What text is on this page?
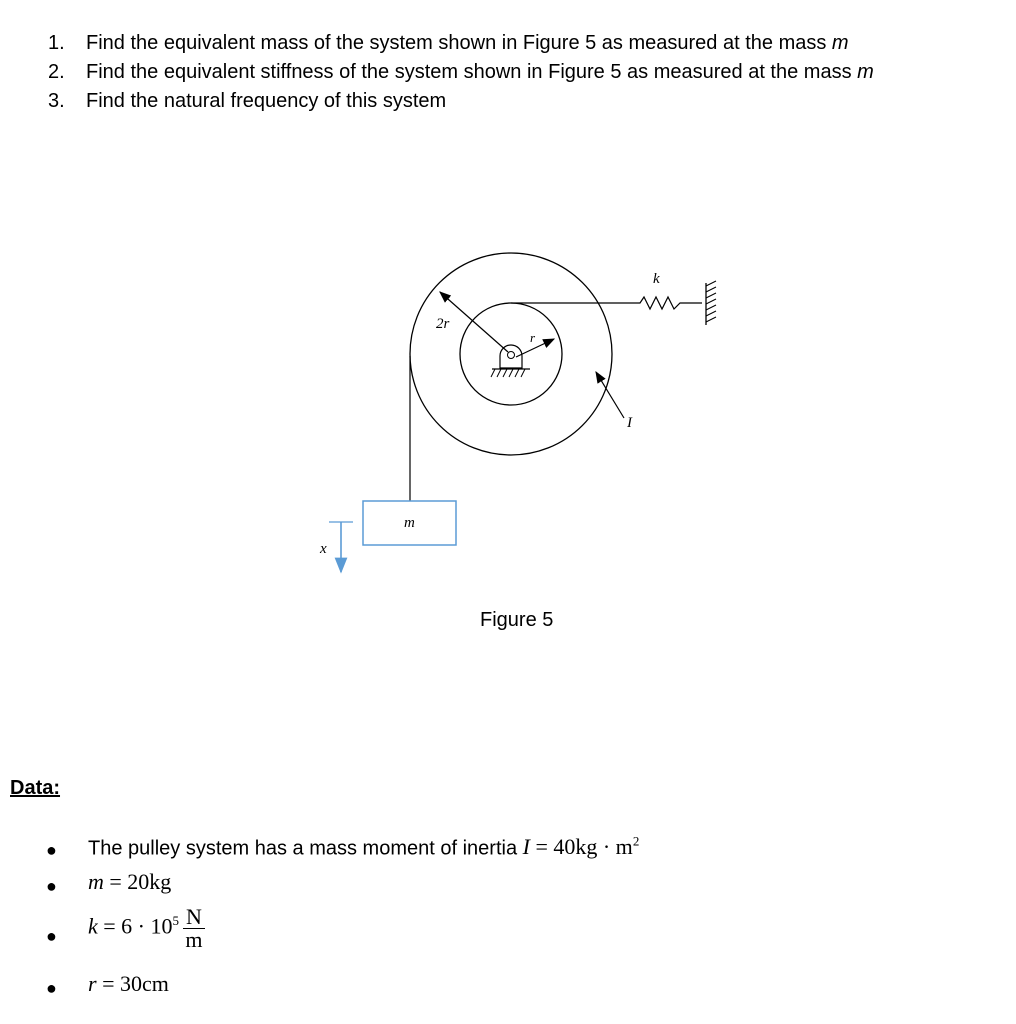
1. Find the equivalent mass of the system shown in Figure 5 as measured at the mass m
2. Find the equivalent stiffness of the system shown in Figure 5 as measured at the mass m
3. Find the natural frequency of this system
2r
r
k
I
m
x
Figure 5
Data:
● The pulley system has a mass moment of inertia $I = 40kg \cdot m^2$
● m = 20kg
● $k = 6 \cdot 10^5 \frac{N}{m}$
● r = 30cm
